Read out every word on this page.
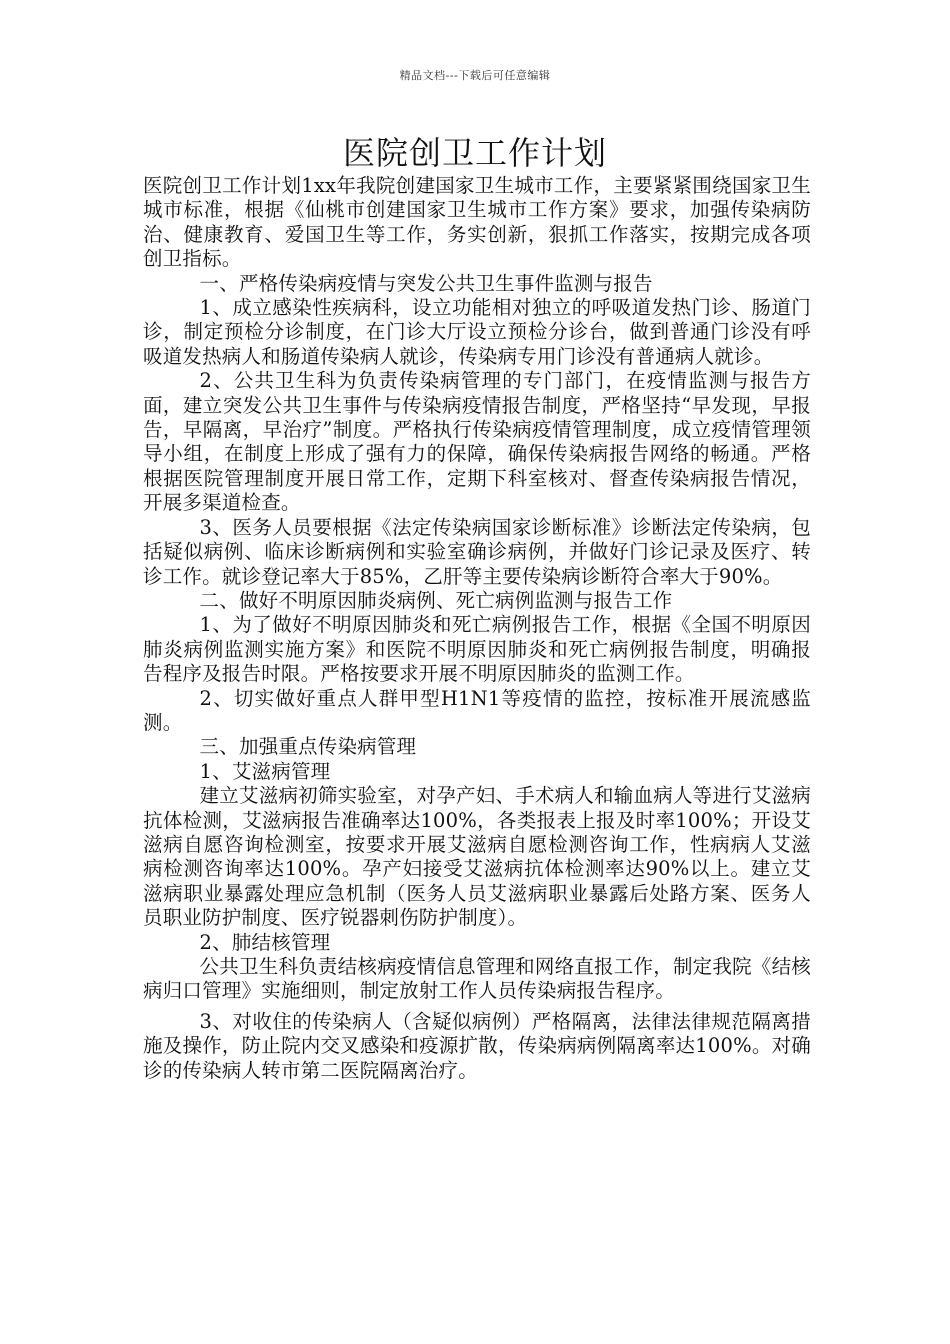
精品文档---下载后可任意编辑
医院创卫工作计划

医院创卫工作计划1xx年我院创建国家卫生城市工作，主要紧紧围绕国家卫生城市标准，根据《仙桃市创建国家卫生城市工作方案》要求，加强传染病防治、健康教育、爱国卫生等工作，务实创新，狠抓工作落实，按期完成各项创卫指标。

一、严格传染病疫情与突发公共卫生事件监测与报告

1、成立感染性疾病科，设立功能相对独立的呼吸道发热门诊、肠道门诊，制定预检分诊制度，在门诊大厅设立预检分诊台，做到普通门诊没有呼吸道发热病人和肠道传染病人就诊，传染病专用门诊没有普通病人就诊。

2、公共卫生科为负责传染病管理的专门部门，在疫情监测与报告方面，建立突发公共卫生事件与传染病疫情报告制度，严格坚持“早发现，早报告，早隔离，早治疗”制度。严格执行传染病疫情管理制度，成立疫情管理领导小组，在制度上形成了强有力的保障，确保传染病报告网络的畅通。严格根据医院管理制度开展日常工作，定期下科室核对、督查传染病报告情况，开展多渠道检查。

3、医务人员要根据《法定传染病国家诊断标准》诊断法定传染病，包括疑似病例、临床诊断病例和实验室确诊病例，并做好门诊记录及医疗、转诊工作。就诊登记率大于85%，乙肝等主要传染病诊断符合率大于90%。

二、做好不明原因肺炎病例、死亡病例监测与报告工作

1、为了做好不明原因肺炎和死亡病例报告工作，根据《全国不明原因肺炎病例监测实施方案》和医院不明原因肺炎和死亡病例报告制度，明确报告程序及报告时限。严格按要求开展不明原因肺炎的监测工作。

2、切实做好重点人群甲型H1N1等疫情的监控，按标准开展流感监测。

三、加强重点传染病管理

1、艾滋病管理

建立艾滋病初筛实验室，对孕产妇、手术病人和输血病人等进行艾滋病抗体检测，艾滋病报告准确率达100%，各类报表上报及时率100%；开设艾滋病自愿咨询检测室，按要求开展艾滋病自愿检测咨询工作，性病病人艾滋病检测咨询率达100%。孕产妇接受艾滋病抗体检测率达90%以上。建立艾滋病职业暴露处理应急机制（医务人员艾滋病职业暴露后处路方案、医务人员职业防护制度、医疗锐器刺伤防护制度）。

2、肺结核管理

公共卫生科负责结核病疫情信息管理和网络直报工作，制定我院《结核病归口管理》实施细则，制定放射工作人员传染病报告程序。

3、对收住的传染病人（含疑似病例）严格隔离，法律法律规范隔离措施及操作，防止院内交叉感染和疫源扩散，传染病病例隔离率达100%。对确诊的传染病人转市第二医院隔离治疗。
